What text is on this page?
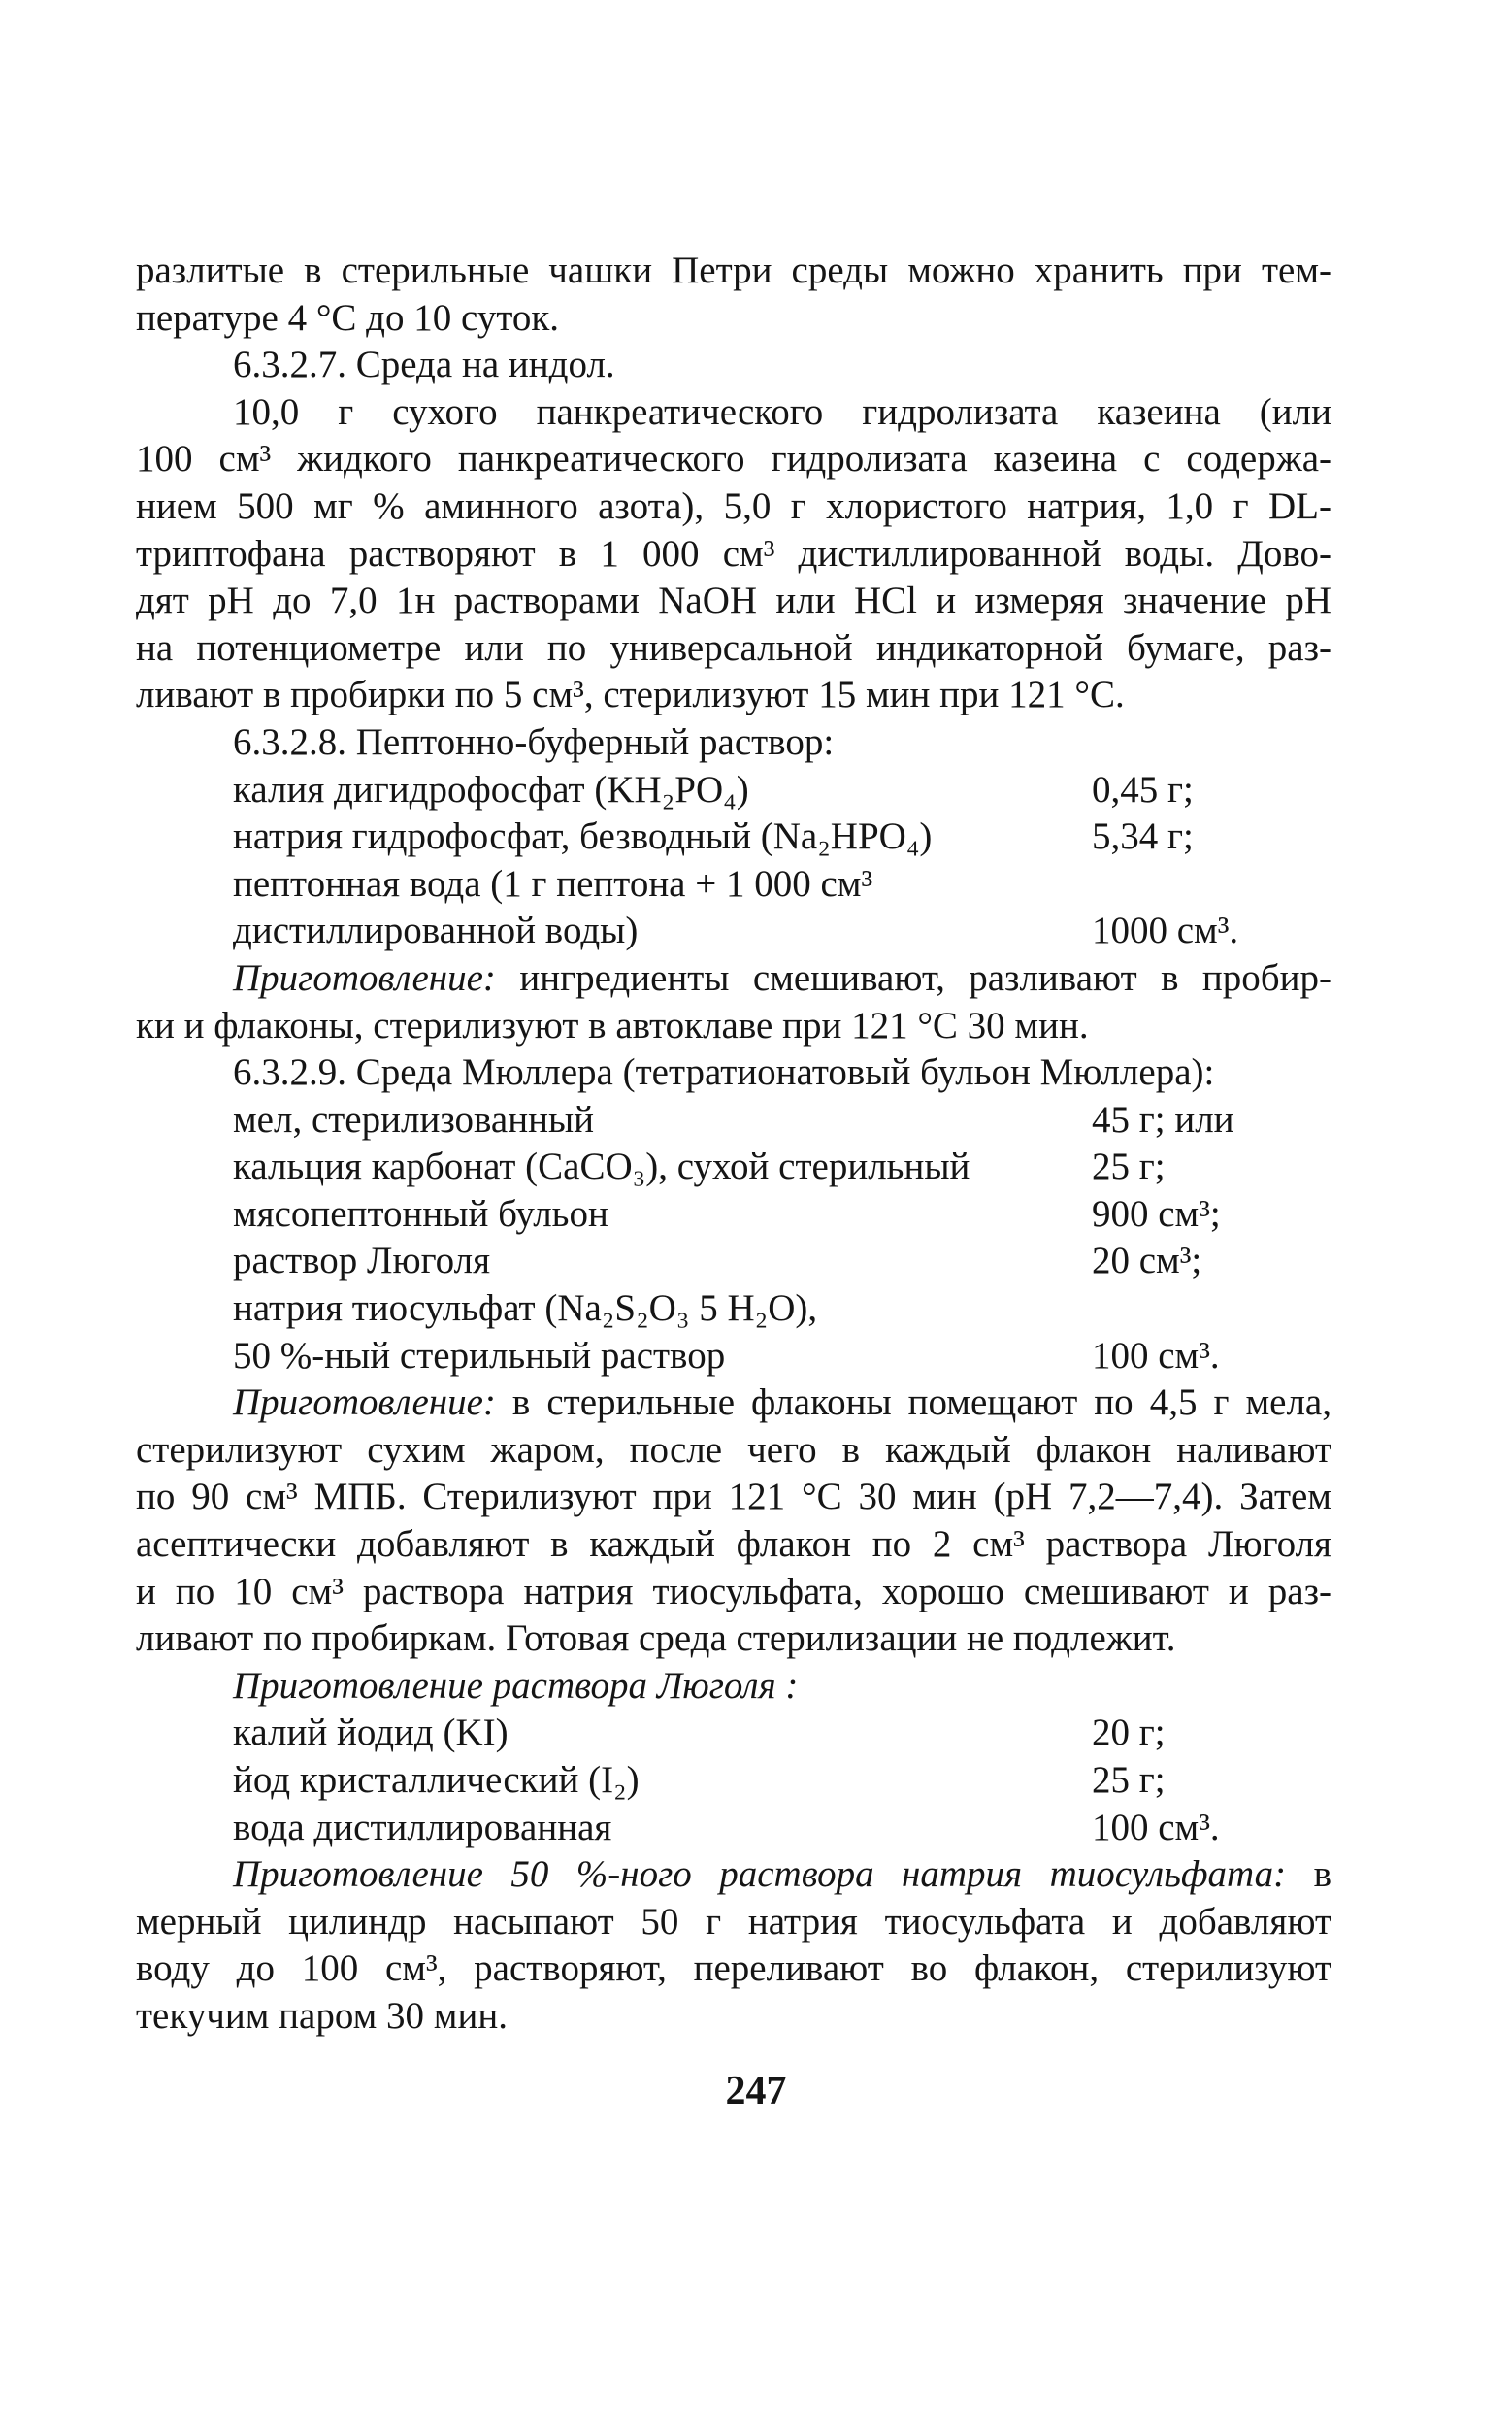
разлитые в стерильные чашки Петри среды можно хранить при тем-
пературе 4 °С до 10 суток.
6.3.2.7. Среда на индол.
10,0 г сухого панкреатического гидролизата казеина (или
100 см³ жидкого панкреатического гидролизата казеина с содержа-
нием 500 мг % аминного азота), 5,0 г хлористого натрия, 1,0 г DL-
триптофана растворяют в 1 000 см³ дистиллированной воды. Дово-
дят pH до 7,0 1н растворами NaOH или HCl и измеряя значение pH
на потенциометре или по универсальной индикаторной бумаге, раз-
ливают в пробирки по 5 см³, стерилизуют 15 мин при 121 °С.
6.3.2.8. Пептонно-буферный раствор:
калия дигидрофосфат (KH₂PO₄)	0,45 г;
натрия гидрофосфат, безводный (Na₂HPO₄)	5,34 г;
пептонная вода (1 г пептона + 1 000 см³
дистиллированной воды)	1000 см³.
Приготовление: ингредиенты смешивают, разливают в пробир-
ки и флаконы, стерилизуют в автоклаве при 121 °С 30 мин.
6.3.2.9. Среда Мюллера (тетратионатовый бульон Мюллера):
мел, стерилизованный	45 г; или
кальция карбонат (CaCO₃), сухой стерильный	25 г;
мясопептонный бульон	900 см³;
раствор Люголя	20 см³;
натрия тиосульфат (Na₂S₂O₃ 5 H₂O),
50 %-ный стерильный раствор	100 см³.
Приготовление: в стерильные флаконы помещают по 4,5 г мела,
стерилизуют сухим жаром, после чего в каждый флакон наливают
по 90 см³ МПБ. Стерилизуют при 121 °С 30 мин (pH 7,2—7,4). Затем
асептически добавляют в каждый флакон по 2 см³ раствора Люголя
и по 10 см³ раствора натрия тиосульфата, хорошо смешивают и раз-
ливают по пробиркам. Готовая среда стерилизации не подлежит.
Приготовление раствора Люголя :
калий йодид (KI)	20 г;
йод кристаллический (I₂)	25 г;
вода дистиллированная	100 см³.
Приготовление 50 %-ного раствора натрия тиосульфата: в
мерный цилиндр насыпают 50 г натрия тиосульфата и добавляют
воду до 100 см³, растворяют, переливают во флакон, стерилизуют
текучим паром 30 мин.
247
